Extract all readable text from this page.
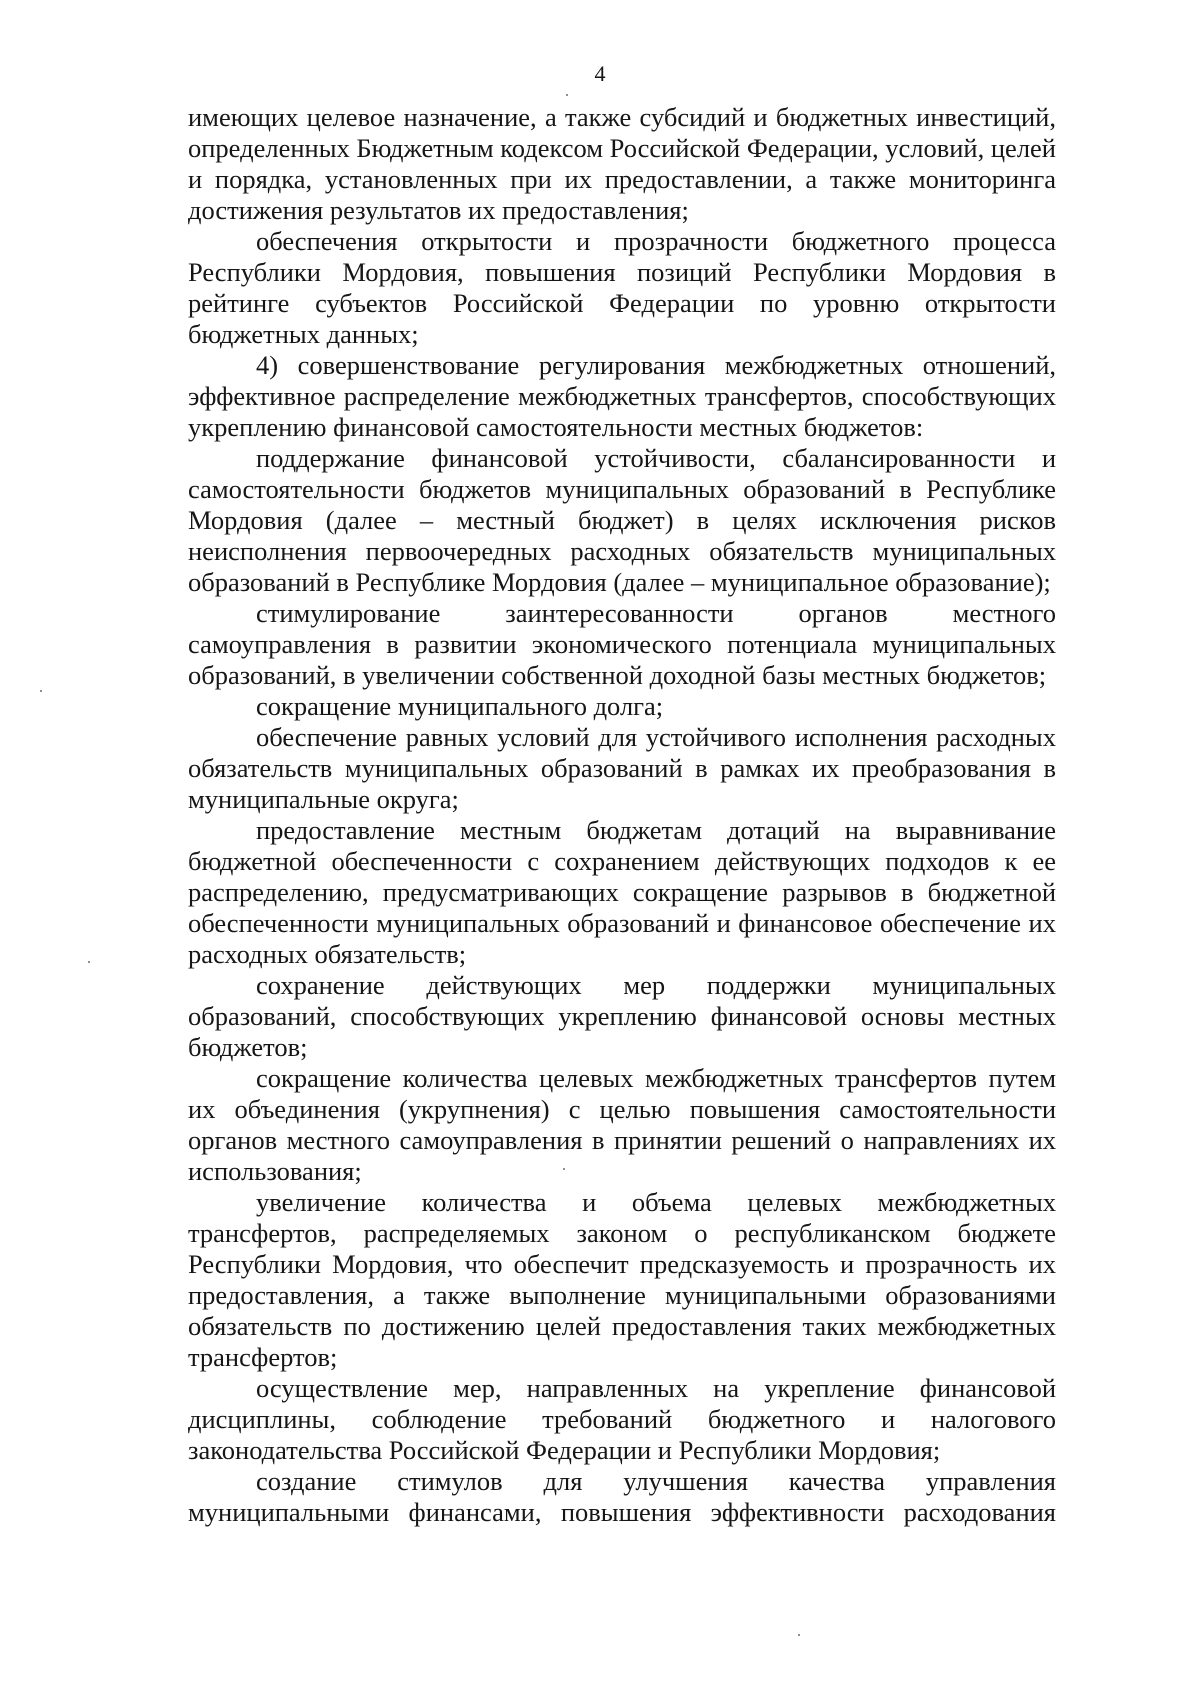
4

имеющих целевое назначение, а также субсидий и бюджетных инвестиций, определенных Бюджетным кодексом Российской Федерации, условий, целей и порядка, установленных при их предоставлении, а также мониторинга достижения результатов их предоставления;

обеспечения открытости и прозрачности бюджетного процесса Республики Мордовия, повышения позиций Республики Мордовия в рейтинге субъектов Российской Федерации по уровню открытости бюджетных данных;

4) совершенствование регулирования межбюджетных отношений, эффективное распределение межбюджетных трансфертов, способствующих укреплению финансовой самостоятельности местных бюджетов:

поддержание финансовой устойчивости, сбалансированности и самостоятельности бюджетов муниципальных образований в Республике Мордовия (далее – местный бюджет) в целях исключения рисков неисполнения первоочередных расходных обязательств муниципальных образований в Республике Мордовия (далее – муниципальное образование);

стимулирование заинтересованности органов местного самоуправления в развитии экономического потенциала муниципальных образований, в увеличении собственной доходной базы местных бюджетов;

сокращение муниципального долга;

обеспечение равных условий для устойчивого исполнения расходных обязательств муниципальных образований в рамках их преобразования в муниципальные округа;

предоставление местным бюджетам дотаций на выравнивание бюджетной обеспеченности с сохранением действующих подходов к ее распределению, предусматривающих сокращение разрывов в бюджетной обеспеченности муниципальных образований и финансовое обеспечение их расходных обязательств;

сохранение действующих мер поддержки муниципальных образований, способствующих укреплению финансовой основы местных бюджетов;

сокращение количества целевых межбюджетных трансфертов путем их объединения (укрупнения) с целью повышения самостоятельности органов местного самоуправления в принятии решений о направлениях их использования;

увеличение количества и объема целевых межбюджетных трансфертов, распределяемых законом о республиканском бюджете Республики Мордовия, что обеспечит предсказуемость и прозрачность их предоставления, а также выполнение муниципальными образованиями обязательств по достижению целей предоставления таких межбюджетных трансфертов;

осуществление мер, направленных на укрепление финансовой дисциплины, соблюдение требований бюджетного и налогового законодательства Российской Федерации и Республики Мордовия;

создание стимулов для улучшения качества управления муниципальными финансами, повышения эффективности расходования
